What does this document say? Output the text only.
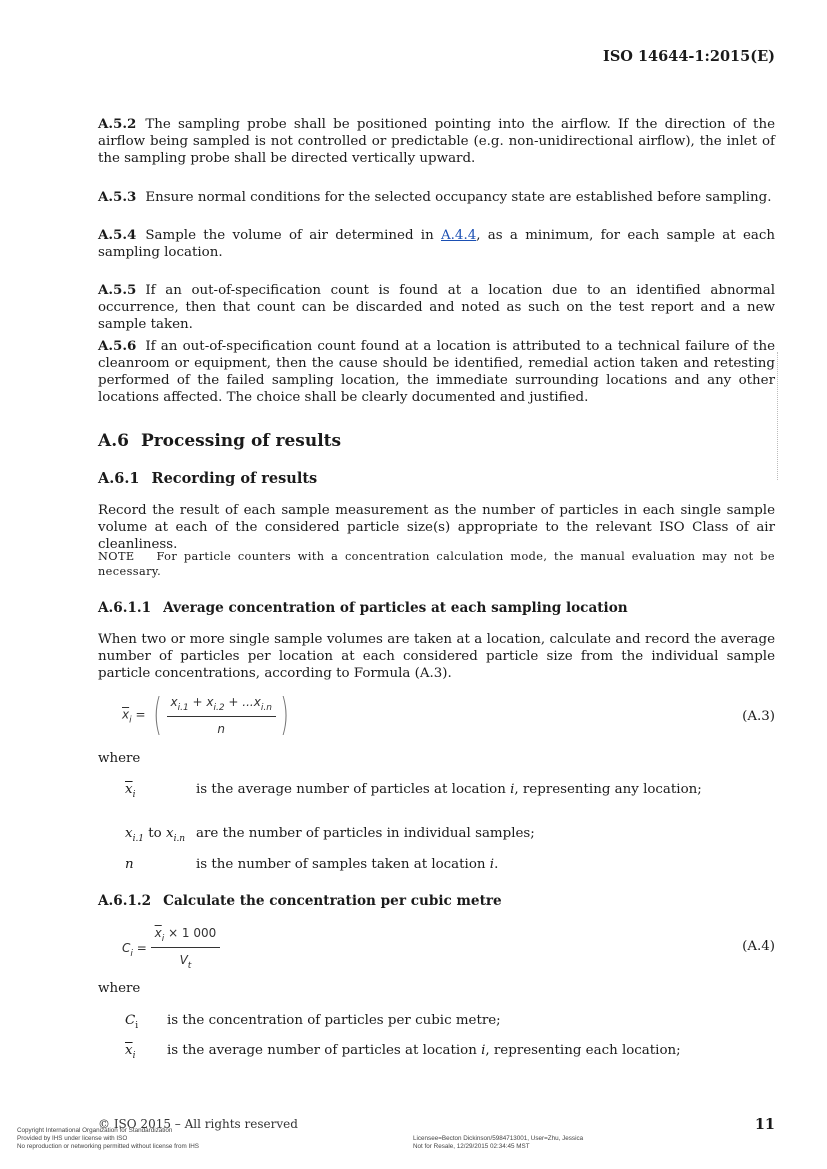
ISO 14644-1:2015(E)
A.5.2 The sampling probe shall be positioned pointing into the airflow. If the direction of the airflow being sampled is not controlled or predictable (e.g. non-unidirectional airflow), the inlet of the sampling probe shall be directed vertically upward.
A.5.3 Ensure normal conditions for the selected occupancy state are established before sampling.
A.5.4 Sample the volume of air determined in A.4.4, as a minimum, for each sample at each sampling location.
A.5.5 If an out-of-specification count is found at a location due to an identified abnormal occurrence, then that count can be discarded and noted as such on the test report and a new sample taken.
A.5.6 If an out-of-specification count found at a location is attributed to a technical failure of the cleanroom or equipment, then the cause should be identified, remedial action taken and retesting performed of the failed sampling location, the immediate surrounding locations and any other locations affected. The choice shall be clearly documented and justified.
A.6 Processing of results
A.6.1 Recording of results
Record the result of each sample measurement as the number of particles in each single sample volume at each of the considered particle size(s) appropriate to the relevant ISO Class of air cleanliness.
NOTE For particle counters with a concentration calculation mode, the manual evaluation may not be necessary.
A.6.1.1 Average concentration of particles at each sampling location
When two or more single sample volumes are taken at a location, calculate and record the average number of particles per location at each considered particle size from the individual sample particle concentrations, according to Formula (A.3).
$\overline{x}_i$ = ( $\frac{x_{i.1} + x_{i.2} + ...x_{i.n}}{n}$ )	(A.3)
where
$\overline{x}_i$	is the average number of particles at location i, representing any location;
$x_{i.1}$ to $x_{i.n}$ are the number of particles in individual samples;
n	is the number of samples taken at location i.
A.6.1.2 Calculate the concentration per cubic metre
$C_i = \frac{\overline{x}_i \times 1 000}{V_t}$	(A.4)
where
$C_i$ is the concentration of particles per cubic metre;
$\overline{x}_i$ is the average number of particles at location i, representing each location;
© ISO 2015 – All rights reserved	11
Copyright International Organization for Standardization
Provided by IHS under license with ISO
No reproduction or networking permitted without license from IHS
Licensee=Becton Dickinson/5984713001, User=Zhu, Jessica
Not for Resale, 12/29/2015 02:34:45 MST
